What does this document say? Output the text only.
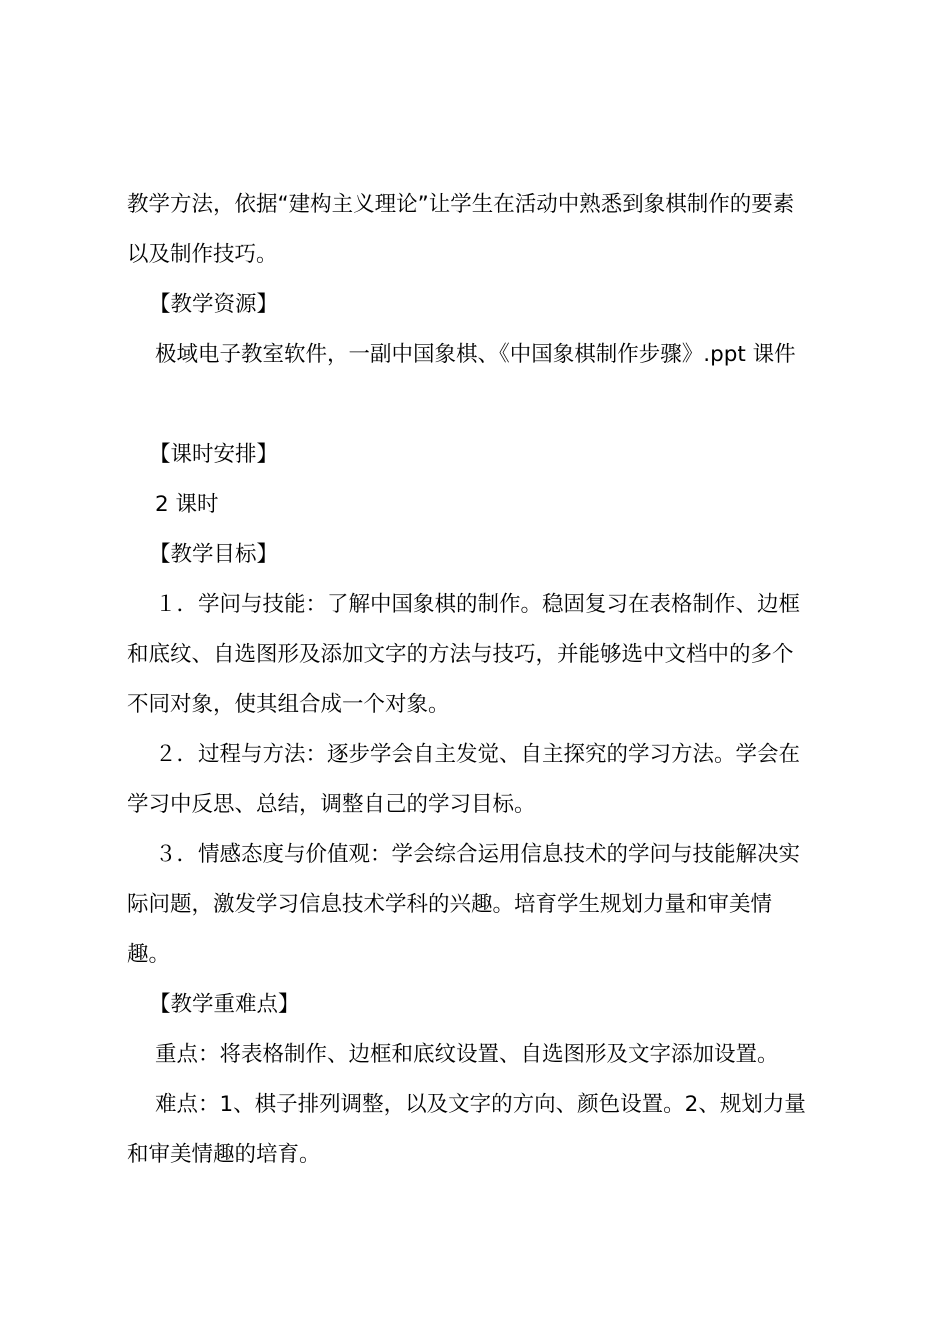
教学方法，依据“建构主义理论”让学生在活动中熟悉到象棋制作的要素
以及制作技巧。
【教学资源】
极域电子教室软件，一副中国象棋、《中国象棋制作步骤》.ppt 课件
【课时安排】
2 课时
【教学目标】
１．学问与技能：了解中国象棋的制作。稳固复习在表格制作、边框
和底纹、自选图形及添加文字的方法与技巧，并能够选中文档中的多个
不同对象，使其组合成一个对象。
２．过程与方法：逐步学会自主发觉、自主探究的学习方法。学会在
学习中反思、总结，调整自己的学习目标。
３．情感态度与价值观：学会综合运用信息技术的学问与技能解决实
际问题，激发学习信息技术学科的兴趣。培育学生规划力量和审美情
趣。
【教学重难点】
重点：将表格制作、边框和底纹设置、自选图形及文字添加设置。
难点：1、棋子排列调整，以及文字的方向、颜色设置。2、规划力量
和审美情趣的培育。
